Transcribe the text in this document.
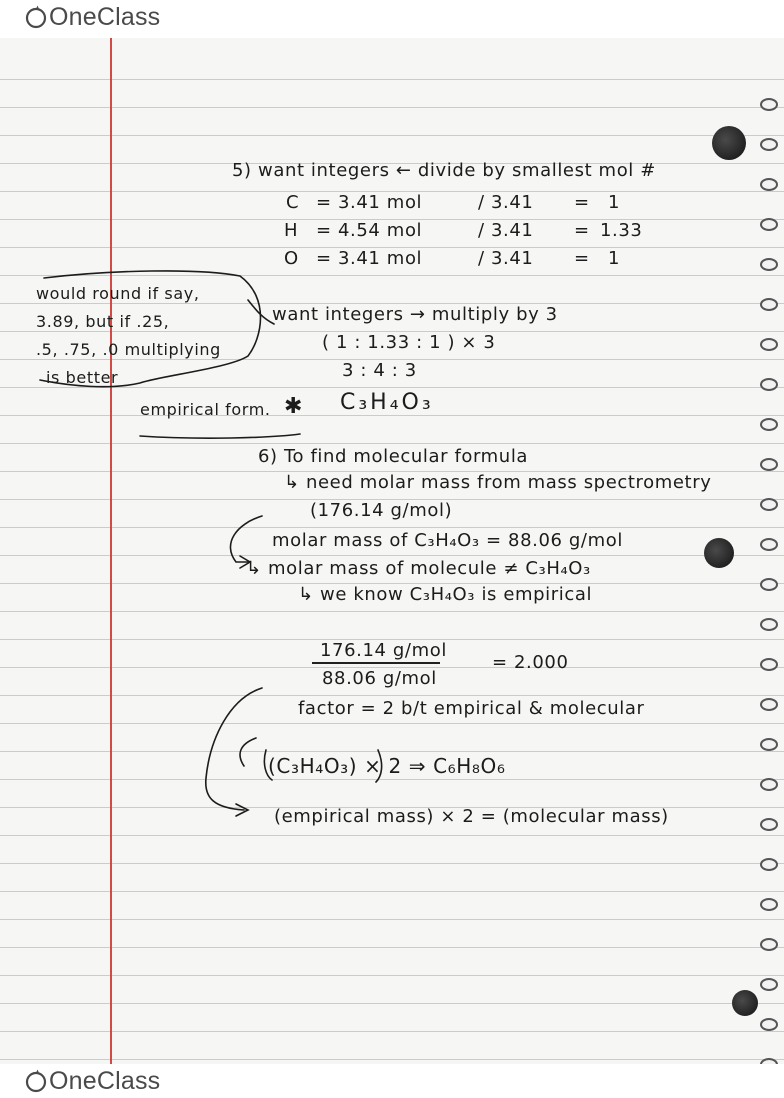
OneClass
5) want integers ← divide by smallest mol #
C = 3.41 mol	/ 3.41 = 1
H = 4.54 mol	/ 3.41 = 1.33
O = 3.41 mol	/ 3.41 = 1
would round if say,
3.89, but if .25,
.5, .75, .0 multiplying
is better
want integers → multiply by 3
( 1 : 1.33 : 1 ) × 3
3 : 4 : 3
empirical form. ✱ C₃H₄O₃
6) To find molecular formula
↳ need molar mass from mass spectrometry
(176.14 g/mol)
molar mass of C₃H₄O₃ = 88.06 g/mol
↳ molar mass of molecule ≠ C₃H₄O₃
↳ we know C₃H₄O₃ is empirical
176.14 g/mol
88.06 g/mol
= 2.000
factor = 2 b/t empirical & molecular
(C₃H₄O₃) × 2 ⇒ C₆H₈O₆
(empirical mass) × 2 = (molecular mass)
OneClass
